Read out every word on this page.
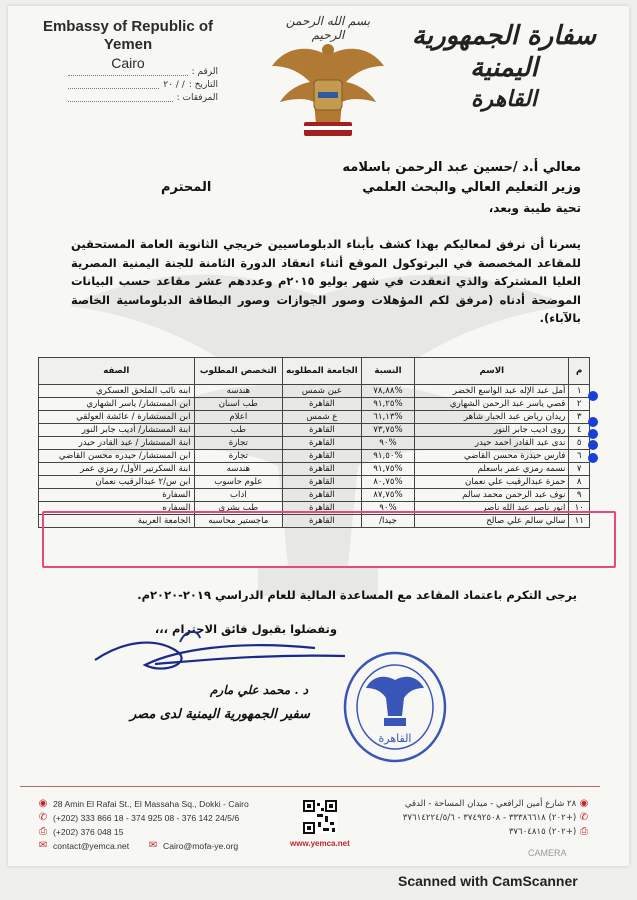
Embassy of Republic of Yemen
Cairo
الرقم :
التاريخ :
/ / ٢٠
المرفقات :
بسم الله الرحمن الرحيم	سفارة الجمهورية اليمنية
القاهرة
معالي أ.د /حسين عبد الرحمن باسلامه
وزير التعليم العالي والبحث العلمي
المحترم
تحية طيبة وبعد،
يسرنا أن نرفق لمعاليكم بهذا كشف بأبناء الدبلوماسيين خريجي الثانوية العامة المستحقين للمقاعد المخصصة في البرتوكول الموقع أثناء انعقاد الدورة الثامنة للجنة اليمنية المصرية العليا المشتركة والذي انعقدت في شهر يوليو ٢٠١٥م وعددهم عشر مقاعد حسب البيانات الموضحة أدناه (مرفق لكم المؤهلات وصور الجوازات وصور البطاقة الدبلوماسية الخاصة بالآباء).
م	الاسم	النسبة	الجامعة المطلوبه	التخصص المطلوب	الصفه
١	أمل عبد الإله عبد الواسع الخضر	%٧٨,٨٨	عين شمس	هندسه	ابنه نائب الملحق العسكري
٢	قصي ياسر عبد الرحمن الشهاري	%٩١,٢٥	القاهرة	طب اسنان	ابن المستشار/ ياسر الشهاري
٣	ريدان رياض عبد الجبار شاهر	%٦١,١٣	ع شمس	اعلام	ابن المستشارة / عائشة العولقي
٤	روى اديب جابر النور	%٧٣,٧٥	القاهرة	طب	ابنة المستشار/ أديب جابر النور
٥	ندى عبد القادر احمد حيدر	%٩٠	القاهرة	تجارة	ابنة المستشار / عبد القادر حيدر
٦	فارس حيدرة محسن القاضي	%٩١,٥٠	القاهرة	تجارة	ابن المستشار/ حيدره محسن القاضي
٧	نسمه رمزي عمر باسعلم	%٩١,٧٥	القاهرة	هندسه	ابنة السكرتير الأول/ رمزي عمر
٨	حمزة عبدالرقيب علي نعمان	%٨٠,٧٥	القاهرة	علوم حاسوب	ابن س/٢ عبدالرقيب نعمان
٩	نوف عبد الرحمن محمد سالم	%٨٧,٧٥	القاهرة	اداب	السفارة
١٠	انور ناصر عبد الله ناصر	%٩٠	القاهرة	طب بشري	السفاره
١١	سالي سالم علي صالح	جيدا/	القاهرة	ماجستير محاسبه	الجامعة العربية
يرجى التكرم باعتماد المقاعد مع المساعدة المالية للعام الدراسي ٢٠١٩-٢٠٢٠م.
وتفضلوا بقبول فائق الاحترام ،،،
د . محمد علي مارم
سفير الجمهورية اليمنية لدى مصر
القاهرة
◉ 28 Amin El Rafai St., El Massaha Sq., Dokki - Cairo
✆ (+202) 333 866 18 - 374 925 08 - 376 142 24/5/6
⎙ (+202) 376 048 15
✉ contact@yemca.net ✉ Cairo@mofa-ye.org	www.yemca.net
◉ ٢٨ شارع أمين الرافعي - ميدان المساحة - الدقي
✆ (+٢٠٢) ٣٣٣٨٦٦١٨ - ٣٧٤٩٢٥٠٨ - ٣٧٦١٤٢٢٤/٥/٦
⎙ (+٢٠٢) ٣٧٦٠٤٨١٥
CAMERA
Scanned with CamScanner
